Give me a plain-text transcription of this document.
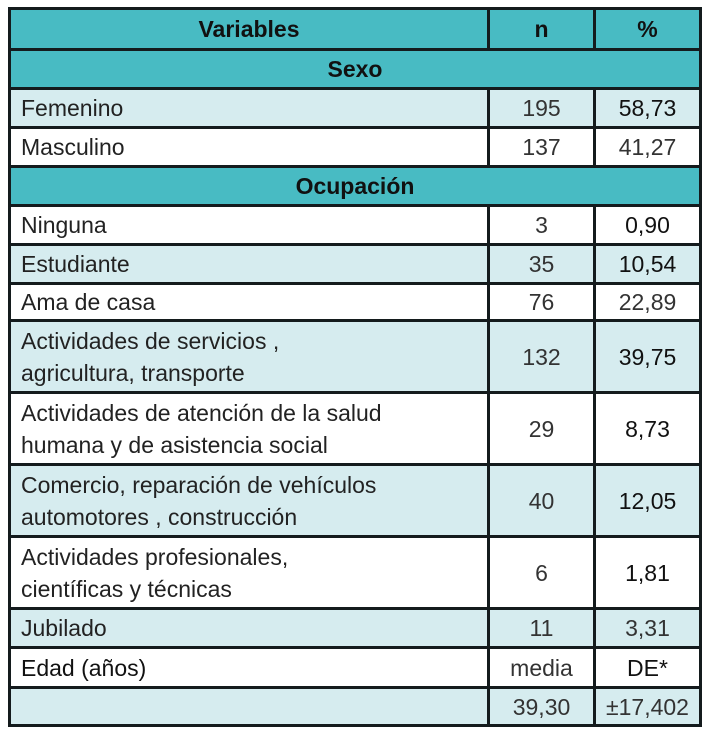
Variables	n	%
Sexo		
Femenino	195	58,73
Masculino	137	41,27
Ocupación		
Ninguna	3	0,90
Estudiante	35	10,54
Ama de casa	76	22,89

Actividades de servicios ,
agricultura, transporte	132	39,75

Actividades de atención de la salud
humana y de asistencia social	29	8,73

Comercio, reparación de vehículos
automotores , construcción	40	12,05

Actividades profesionales,
científicas y técnicas	6	1,81
Jubilado	11	3,31
Edad (años)	media	DE*
	39,30	±17,402
